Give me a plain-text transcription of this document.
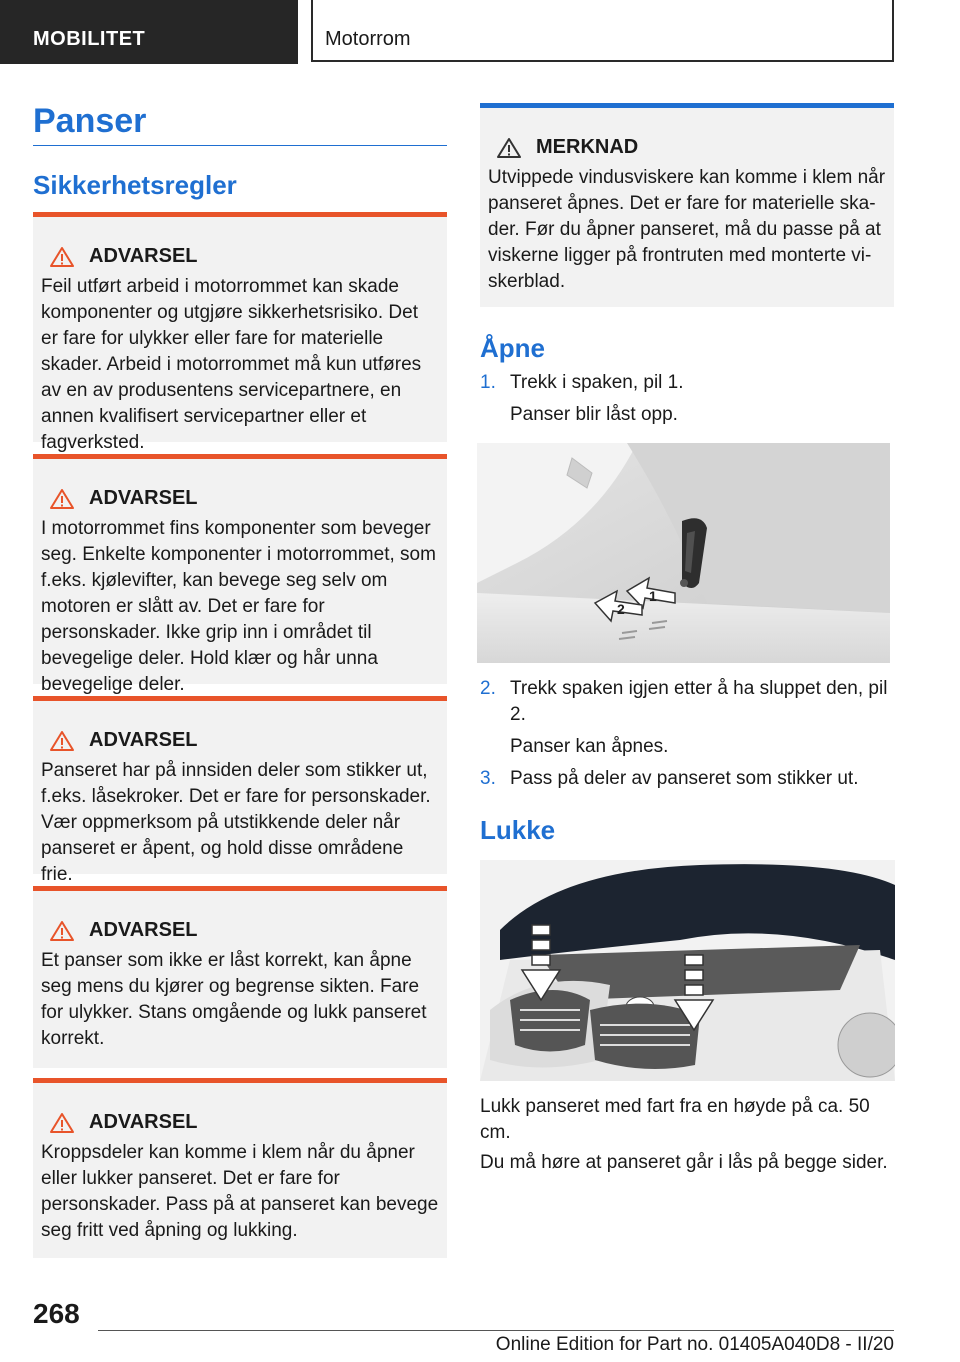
MOBILITET	Motorrom
Panser
Sikkerhetsregler
ADVARSEL
Feil utført arbeid i motorrommet kan skade komponenter og utgjøre sikkerhetsrisiko. Det er fare for ulykker eller fare for materielle skader. Arbeid i motorrommet må kun utføres av en av produsentens servicepartnere, en annen kvalifisert servicepartner eller et fagverksted.
ADVARSEL
I motorrommet fins komponenter som beveger seg. Enkelte komponenter i motorrommet, som f.eks. kjølevifter, kan bevege seg selv om motoren er slått av. Det er fare for personskader. Ikke grip inn i området til bevegelige deler. Hold klær og hår unna bevegelige deler.
ADVARSEL
Panseret har på innsiden deler som stikker ut, f.eks. låsekroker. Det er fare for personskader. Vær oppmerksom på utstikkende deler når panseret er åpent, og hold disse områdene frie.
ADVARSEL
Et panser som ikke er låst korrekt, kan åpne seg mens du kjører og begrense sikten. Fare for ulykker. Stans omgående og lukk panseret korrekt.
ADVARSEL
Kroppsdeler kan komme i klem når du åpner eller lukker panseret. Det er fare for personskader. Pass på at panseret kan bevege seg fritt ved åpning og lukking.
MERKNAD
Utvippede vindusviskere kan komme i klem når panseret åpnes. Det er fare for materielle skader. Før du åpner panseret, må du passe på at viskerne ligger på frontruten med monterte viskerblad.
Åpne
1. Trekk i spaken, pil 1.
Panser blir låst opp.
1
2
2. Trekk spaken igjen etter å ha sluppet den, pil 2.
Panser kan åpnes.
3. Pass på deler av panseret som stikker ut.
Lukke
Lukk panseret med fart fra en høyde på ca. 50 cm.
Du må høre at panseret går i lås på begge sider.
268
Online Edition for Part no. 01405A040D8 - II/20
